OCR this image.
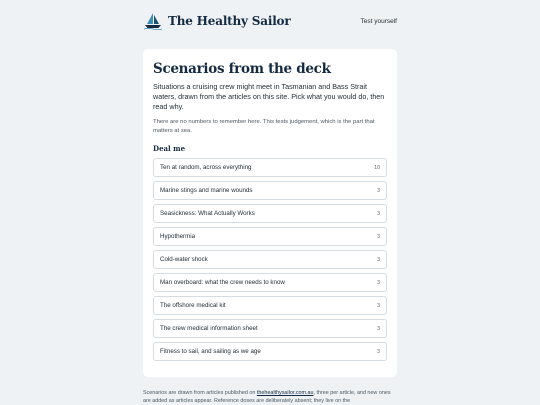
The Healthy Sailor	Test yourself
Scenarios from the deck

Situations a cruising crew might meet in Tasmanian and Bass Strait waters, drawn from the articles on this site. Pick what you would do, then read why.

There are no numbers to remember here. This tests judgement, which is the part that matters at sea.

Deal me
Ten at random, across everything	10
Marine stings and marine wounds	3
Seasickness: What Actually Works	3
Hypothermia	3
Cold-water shock	3
Man overboard: what the crew needs to know	3
The offshore medical kit	3
The crew medical information sheet	3
Fitness to sail, and sailing as we age	3

Scenarios are drawn from articles published on thehealthysailor.com.au, three per article, and new ones are added as articles appear. Reference doses are deliberately absent; they live on the
